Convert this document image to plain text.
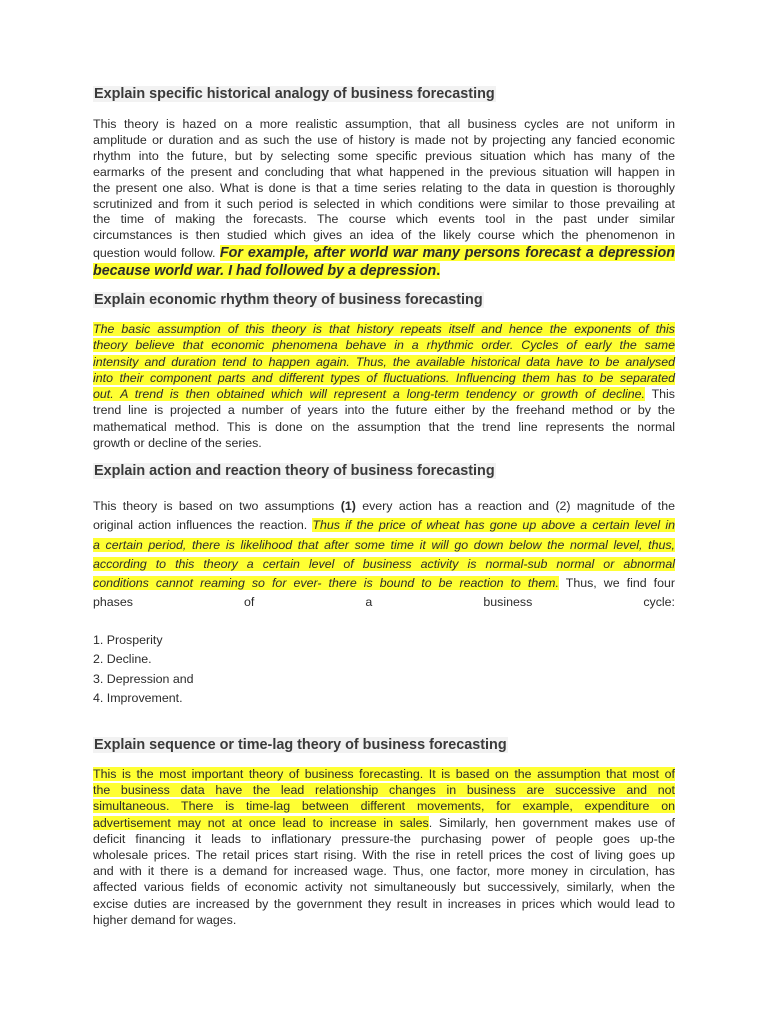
Explain specific historical analogy of business forecasting
This theory is hazed on a more realistic assumption, that all business cycles are not uniform in
amplitude or duration and as such the use of history is made not by projecting any fancied economic
rhythm into the future, but by selecting some specific previous situation which has many of the
earmarks of the present and concluding that what happened in the previous situation will happen in
the present one also. What is done is that a time series relating to the data in question is thoroughly
scrutinized and from it such period is selected in which conditions were similar to those prevailing at
the time of making the forecasts. The course which events tool in the past under similar
circumstances is then studied which gives an idea of the likely course which the phenomenon in
question would follow. For example, after world war many persons forecast a depression
because world war. I had followed by a depression.
Explain economic rhythm theory of business forecasting
The basic assumption of this theory is that history repeats itself and hence the exponents of this
theory believe that economic phenomena behave in a rhythmic order. Cycles of early the same
intensity and duration tend to happen again. Thus, the available historical data have to be analysed
into their component parts and different types of fluctuations. Influencing them has to be separated
out. A trend is then obtained which will represent a long-term tendency or growth of decline. This
trend line is projected a number of years into the future either by the freehand method or by the
mathematical method. This is done on the assumption that the trend line represents the normal
growth or decline of the series.
Explain action and reaction theory of business forecasting
This theory is based on two assumptions (1) every action has a reaction and (2) magnitude of the
original action influences the reaction. Thus if the price of wheat has gone up above a certain level in
a certain period, there is likelihood that after some time it will go down below the normal level, thus,
according to this theory a certain level of business activity is normal-sub normal or abnormal
conditions cannot reaming so for ever- there is bound to be reaction to them. Thus, we find four
phases	of	a	business	cycle:
1. Prosperity
2. Decline.
3. Depression and
4. Improvement.
Explain sequence or time-lag theory of business forecasting
This is the most important theory of business forecasting. It is based on the assumption that most of
the business data have the lead relationship changes in business are successive and not
simultaneous. There is time-lag between different movements, for example, expenditure on
advertisement may not at once lead to increase in sales. Similarly, hen government makes use of
deficit financing it leads to inflationary pressure-the purchasing power of people goes up-the
wholesale prices. The retail prices start rising. With the rise in retell prices the cost of living goes up
and with it there is a demand for increased wage. Thus, one factor, more money in circulation, has
affected various fields of economic activity not simultaneously but successively, similarly, when the
excise duties are increased by the government they result in increases in prices which would lead to
higher demand for wages.
